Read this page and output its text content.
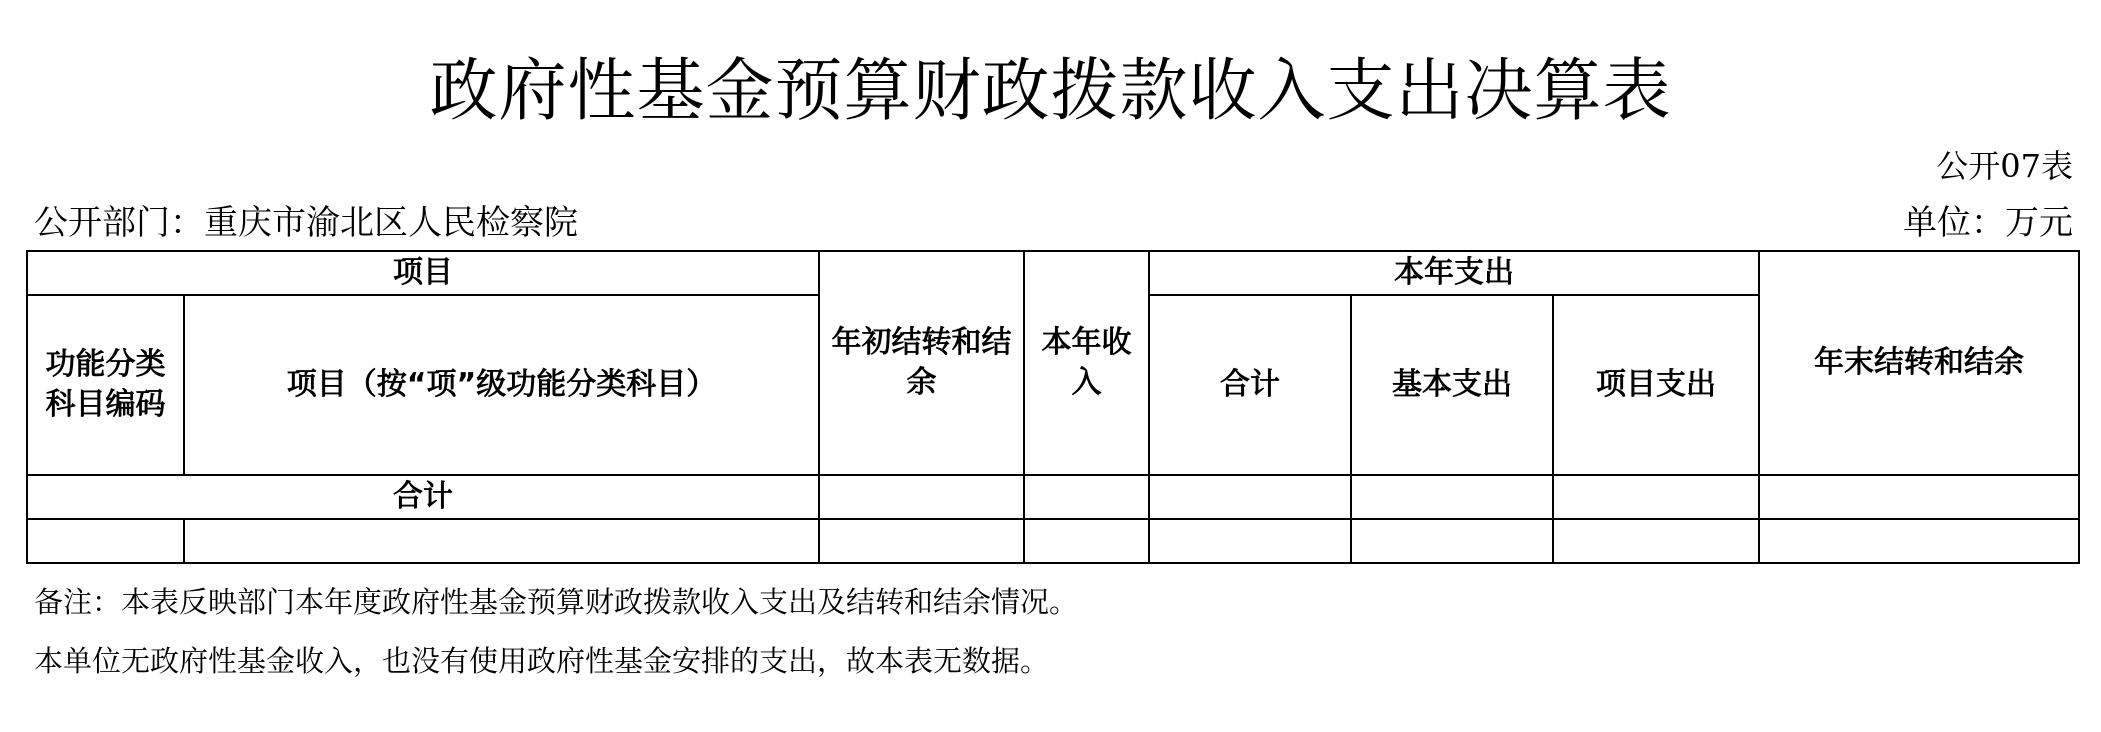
政府性基金预算财政拨款收入支出决算表
公开07表
公开部门：重庆市渝北区人民检察院	单位：万元
项目		年初结转和结余	本年收入	本年支出			年末结转和结余
功能分类科目编码	项目（按“项”级功能分类科目）			合计	基本支出	项目支出	
合计							

备注：本表反映部门本年度政府性基金预算财政拨款收入支出及结转和结余情况。
本单位无政府性基金收入，也没有使用政府性基金安排的支出，故本表无数据。
